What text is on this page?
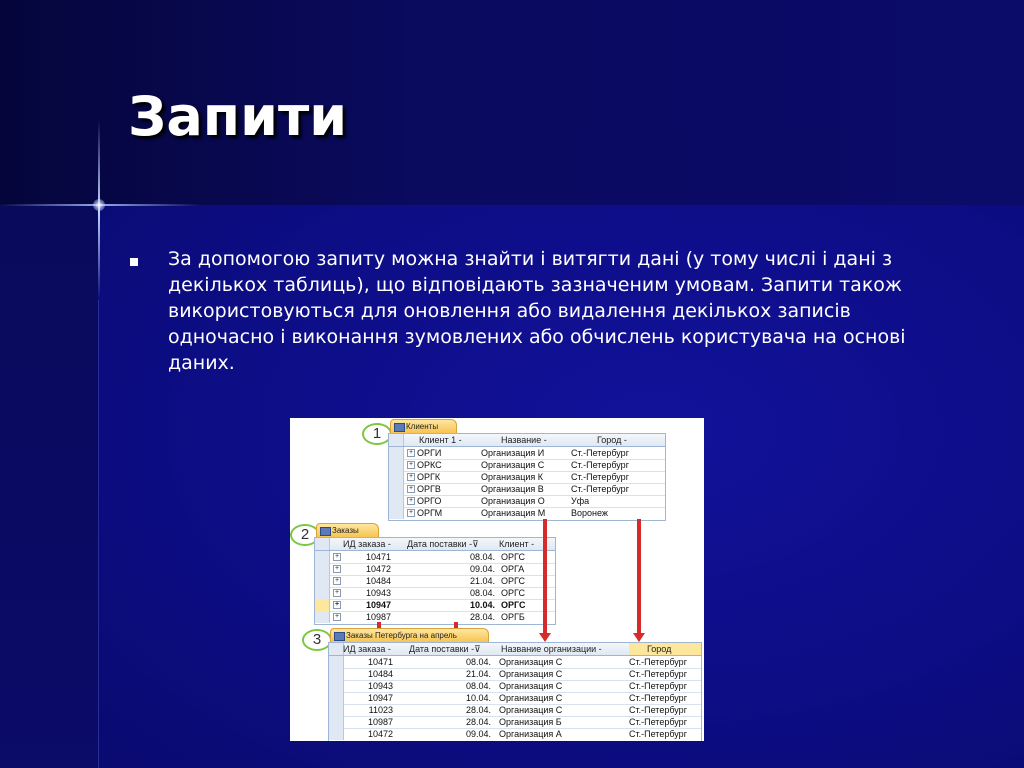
Запити

За допомогою запиту можна знайти і витягти дані (у тому числі і дані з декількох таблиць), що відповідають зазначеним умовам. Запити також використовуються для оновлення або видалення декількох записів одночасно і виконання зумовлених або обчислень користувача на основі даних.

1	Клиенты
Клиент 1 -	Название -	Город -
+ ОРГИ	Организация И	Ст.-Петербург
+ ОРКС	Организация С	Ст.-Петербург
+ ОРГК	Организация К	Ст.-Петербург
+ ОРГВ	Организация В	Ст.-Петербург
+ ОРГО	Организация О	Уфа
+ ОРГМ	Организация М	Воронеж
2	Заказы
ИД заказа -	Дата поставки -⊽	Клиент -
+	10471	08.04. ОРГС
+	10472	09.04. ОРГА
+	10484	21.04. ОРГС
+	10943	08.04. ОРГС
+	10947	10.04. ОРГС
+	10987	28.04. ОРГБ
3	Заказы Петербурга на апрель
ИД заказа -	Дата поставки -⊽	Название организации -	Город
10471	08.04. Организация С	Ст.-Петербург
10484	21.04. Организация С	Ст.-Петербург
10943	08.04. Организация С	Ст.-Петербург
10947	10.04. Организация С	Ст.-Петербург
11023	28.04. Организация С	Ст.-Петербург
10987	28.04. Организация Б	Ст.-Петербург
10472	09.04. Организация А	Ст.-Петербург
